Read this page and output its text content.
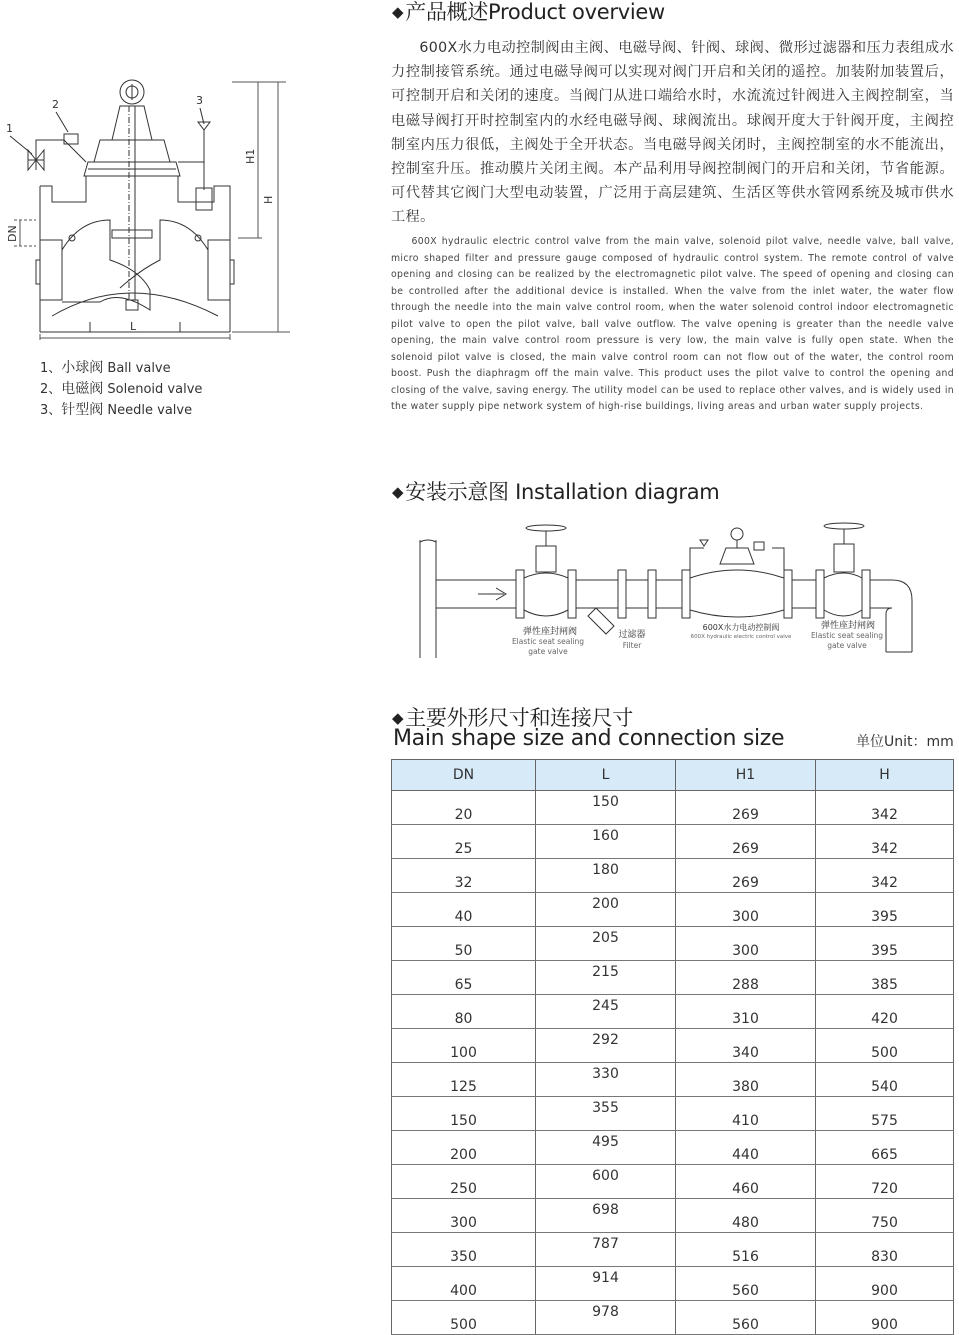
◆产品概述Product overview
600X水力电动控制阀由主阀、电磁导阀、针阀、球阀、微形过滤器和压力表组成水力控制接管系统。通过电磁导阀可以实现对阀门开启和关闭的遥控。加装附加装置后，可控制开启和关闭的速度。当阀门从进口端给水时，水流流过针阀进入主阀控制室，当电磁导阀打开时控制室内的水经电磁导阀、球阀流出。球阀开度大于针阀开度，主阀控制室内压力很低，主阀处于全开状态。当电磁导阀关闭时，主阀控制室的水不能流出，控制室升压。推动膜片关闭主阀。本产品利用导阀控制阀门的开启和关闭，节省能源。可代替其它阀门大型电动装置，广泛用于高层建筑、生活区等供水管网系统及城市供水工程。
600X hydraulic electric control valve from the main valve, solenoid pilot valve, needle valve, ball valve, micro shaped filter and pressure gauge composed of hydraulic control system. The remote control of valve opening and closing can be realized by the electromagnetic pilot valve. The speed of opening and closing can be controlled after the additional device is installed. When the valve from the inlet water, the water flow through the needle into the main valve control room, when the water solenoid control indoor electromagnetic pilot valve to open the pilot valve, ball valve outflow. The valve opening is greater than the needle valve opening, the main valve control room pressure is very low, the main valve is fully open state. When the solenoid pilot valve is closed, the main valve control room can not flow out of the water, the control room boost. Push the diaphragm off the main valve. This product uses the pilot valve to control the opening and closing of the valve, saving energy. The utility model can be used to replace other valves, and is widely used in the water supply pipe network system of high-rise buildings, living areas and urban water supply projects.
1
2	3
H1
H
DN
L
1、小球阀 Ball valve
2、电磁阀 Solenoid valve
3、针型阀 Needle valve
◆安装示意图 Installation diagram
弹性座封闸阀
Elastic seat sealing
gate valve
过滤器
Filter
600X水力电动控制阀
600X hydraulic electric control valve
弹性座封闸阀
Elastic seat sealing
gate valve
◆主要外形尺寸和连接尺寸
Main shape size and connection size	单位Unit：mm
DN	L	H1	H
20	150	269	342
25	160	269	342
32	180	269	342
40	200	300	395
50	205	300	395
65	215	288	385
80	245	310	420
100	292	340	500
125	330	380	540
150	355	410	575
200	495	440	665
250	600	460	720
300	698	480	750
350	787	516	830
400	914	560	900
500	978	560	900
